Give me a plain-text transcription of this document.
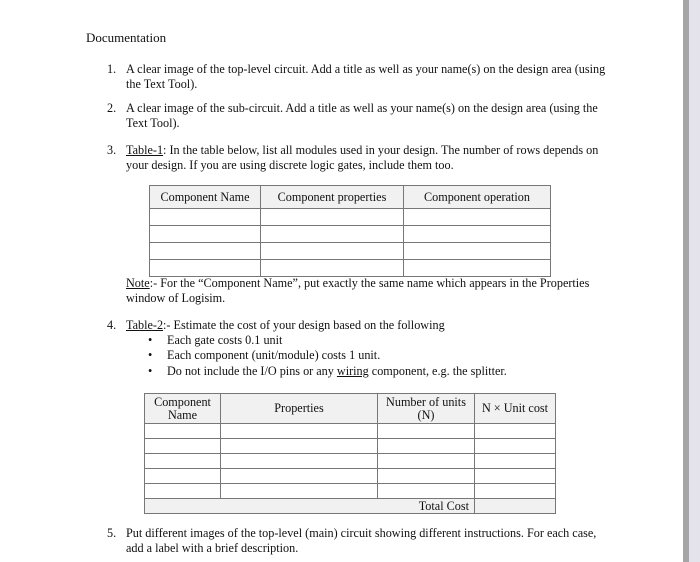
Documentation
1. A clear image of the top-level circuit. Add a title as well as your name(s) on the design area (using the Text Tool).
2. A clear image of the sub-circuit. Add a title as well as your name(s) on the design area (using the Text Tool).
3. Table-1: In the table below, list all modules used in your design. The number of rows depends on your design. If you are using discrete logic gates, include them too.
Component Name	Component properties	Component operation

Note:- For the “Component Name”, put exactly the same name which appears in the Properties window of Logisim.
4. Table-2:- Estimate the cost of your design based on the following
• Each gate costs 0.1 unit
• Each component (unit/module) costs 1 unit.
• Do not include the I/O pins or any wiring component, e.g. the splitter.
Component Name	Properties	Number of units (N)	N × Unit cost

Total Cost			
5. Put different images of the top-level (main) circuit showing different instructions. For each case, add a label with a brief description.
